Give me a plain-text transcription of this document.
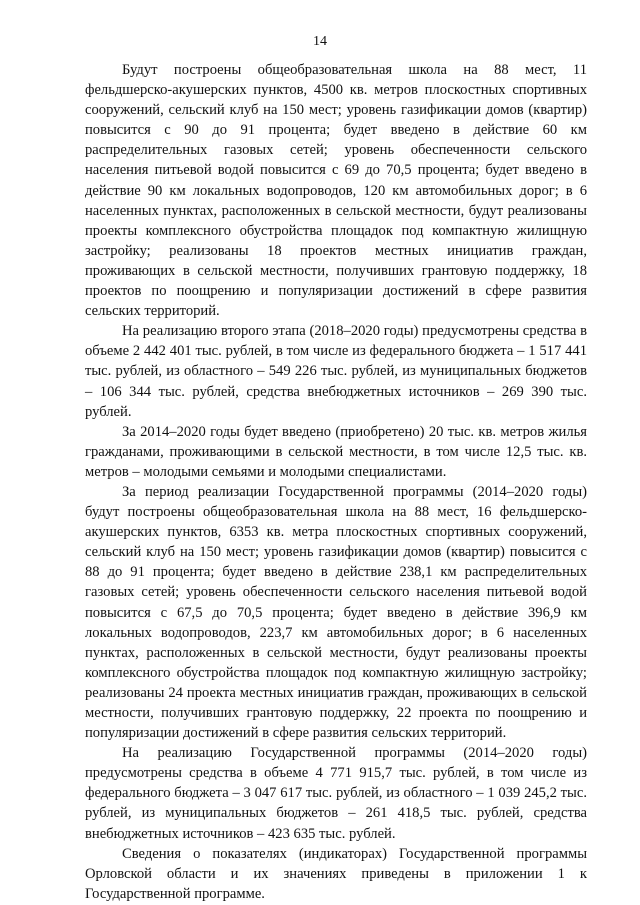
14

Будут построены общеобразовательная школа на 88 мест, 11 фельдшерско-акушерских пунктов, 4500 кв. метров плоскостных спортивных сооружений, сельский клуб на 150 мест; уровень газификации домов (квартир) повысится с 90 до 91 процента; будет введено в действие 60 км распределительных газовых сетей; уровень обеспеченности сельского населения питьевой водой повысится с 69 до 70,5 процента; будет введено в действие 90 км локальных водопроводов, 120 км автомобильных дорог; в 6 населенных пунктах, расположенных в сельской местности, будут реализованы проекты комплексного обустройства площадок под компактную жилищную застройку; реализованы 18 проектов местных инициатив граждан, проживающих в сельской местности, получивших грантовую поддержку, 18 проектов по поощрению и популяризации достижений в сфере развития сельских территорий.

На реализацию второго этапа (2018–2020 годы) предусмотрены средства в объеме 2 442 401 тыс. рублей, в том числе из федерального бюджета – 1 517 441 тыс. рублей, из областного – 549 226 тыс. рублей, из муниципальных бюджетов – 106 344 тыс. рублей, средства внебюджетных источников – 269 390 тыс. рублей.

За 2014–2020 годы будет введено (приобретено) 20 тыс. кв. метров жилья гражданами, проживающими в сельской местности, в том числе 12,5 тыс. кв. метров – молодыми семьями и молодыми специалистами.

За период реализации Государственной программы (2014–2020 годы) будут построены общеобразовательная школа на 88 мест, 16 фельдшерско-акушерских пунктов, 6353 кв. метра плоскостных спортивных сооружений, сельский клуб на 150 мест; уровень газификации домов (квартир) повысится с 88 до 91 процента; будет введено в действие 238,1 км распределительных газовых сетей; уровень обеспеченности сельского населения питьевой водой повысится с 67,5 до 70,5 процента; будет введено в действие 396,9 км локальных водопроводов, 223,7 км автомобильных дорог; в 6 населенных пунктах, расположенных в сельской местности, будут реализованы проекты комплексного обустройства площадок под компактную жилищную застройку; реализованы 24 проекта местных инициатив граждан, проживающих в сельской местности, получивших грантовую поддержку, 22 проекта по поощрению и популяризации достижений в сфере развития сельских территорий.

На реализацию Государственной программы (2014–2020 годы) предусмотрены средства в объеме 4 771 915,7 тыс. рублей, в том числе из федерального бюджета – 3 047 617 тыс. рублей, из областного – 1 039 245,2 тыс. рублей, из муниципальных бюджетов – 261 418,5 тыс. рублей, средства внебюджетных источников – 423 635 тыс. рублей.

Сведения о показателях (индикаторах) Государственной программы Орловской области и их значениях приведены в приложении 1 к Государственной программе.
